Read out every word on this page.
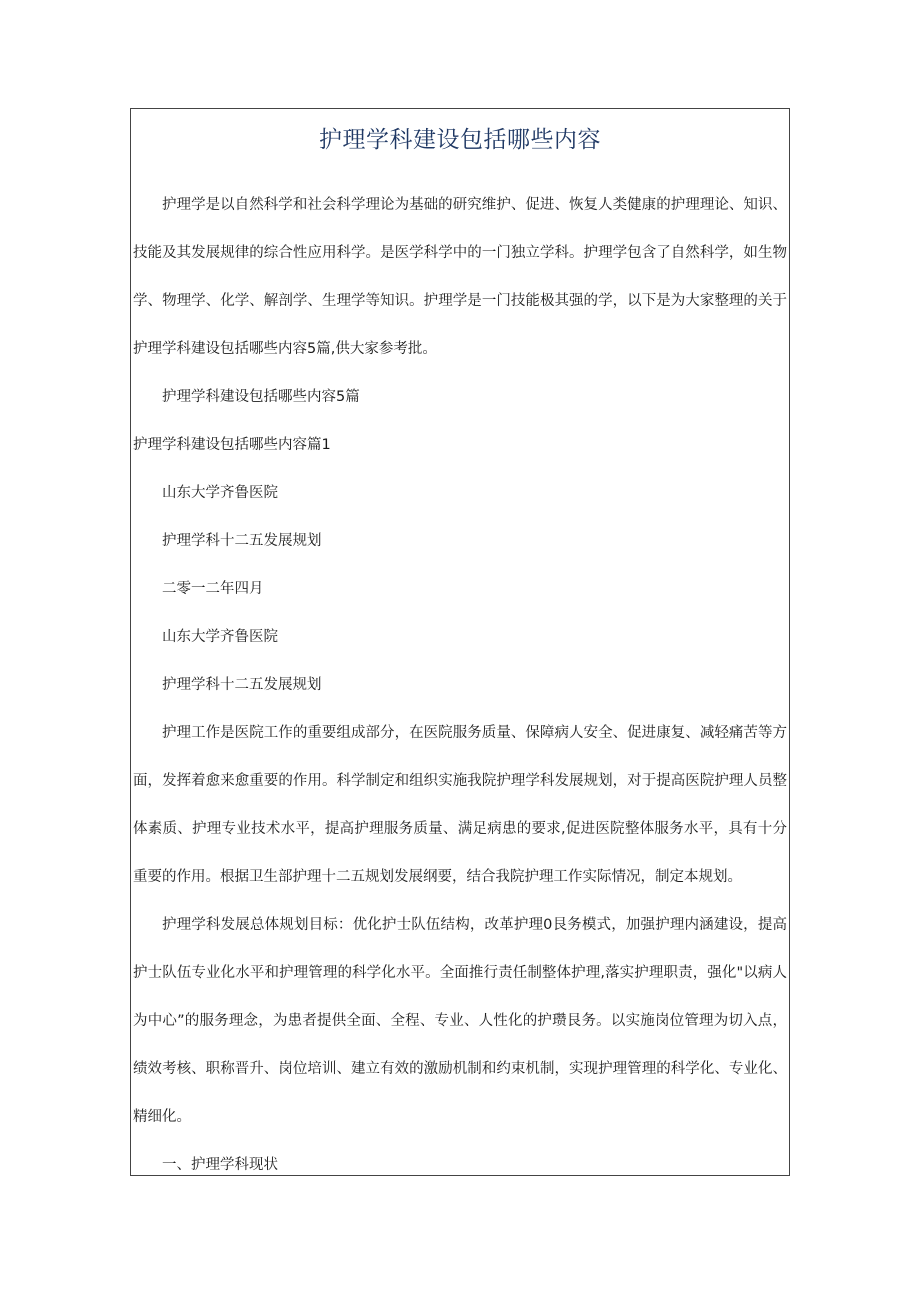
护理学科建设包括哪些内容

护理学是以自然科学和社会科学理论为基础的研究维护、促进、恢复人类健康的护理理论、知识、技能及其发展规律的综合性应用科学。是医学科学中的一门独立学科。护理学包含了自然科学，如生物学、物理学、化学、解剖学、生理学等知识。护理学是一门技能极其强的学，以下是为大家整理的关于护理学科建设包括哪些内容5篇,供大家参考批。

护理学科建设包括哪些内容5篇

护理学科建设包括哪些内容篇1

山东大学齐鲁医院

护理学科十二五发展规划

二零一二年四月

山东大学齐鲁医院

护理学科十二五发展规划

护理工作是医院工作的重要组成部分，在医院服务质量、保障病人安全、促进康复、减轻痛苦等方面，发挥着愈来愈重要的作用。科学制定和组织实施我院护理学科发展规划，对于提高医院护理人员整体素质、护理专业技术水平，提高护理服务质量、满足病患的要求,促进医院整体服务水平，具有十分重要的作用。根据卫生部护理十二五规划发展纲要，结合我院护理工作实际情况，制定本规划。

护理学科发展总体规划目标：优化护士队伍结构，改革护理0艮务模式，加强护理内涵建设，提高护士队伍专业化水平和护理管理的科学化水平。全面推行责任制整体护理,落实护理职责，强化"以病人为中心”的服务理念，为患者提供全面、全程、专业、人性化的护瓒艮务。以实施岗位管理为切入点，绩效考核、职称晋升、岗位培训、建立有效的激励机制和约束机制，实现护理管理的科学化、专业化、精细化。

一、护理学科现状
